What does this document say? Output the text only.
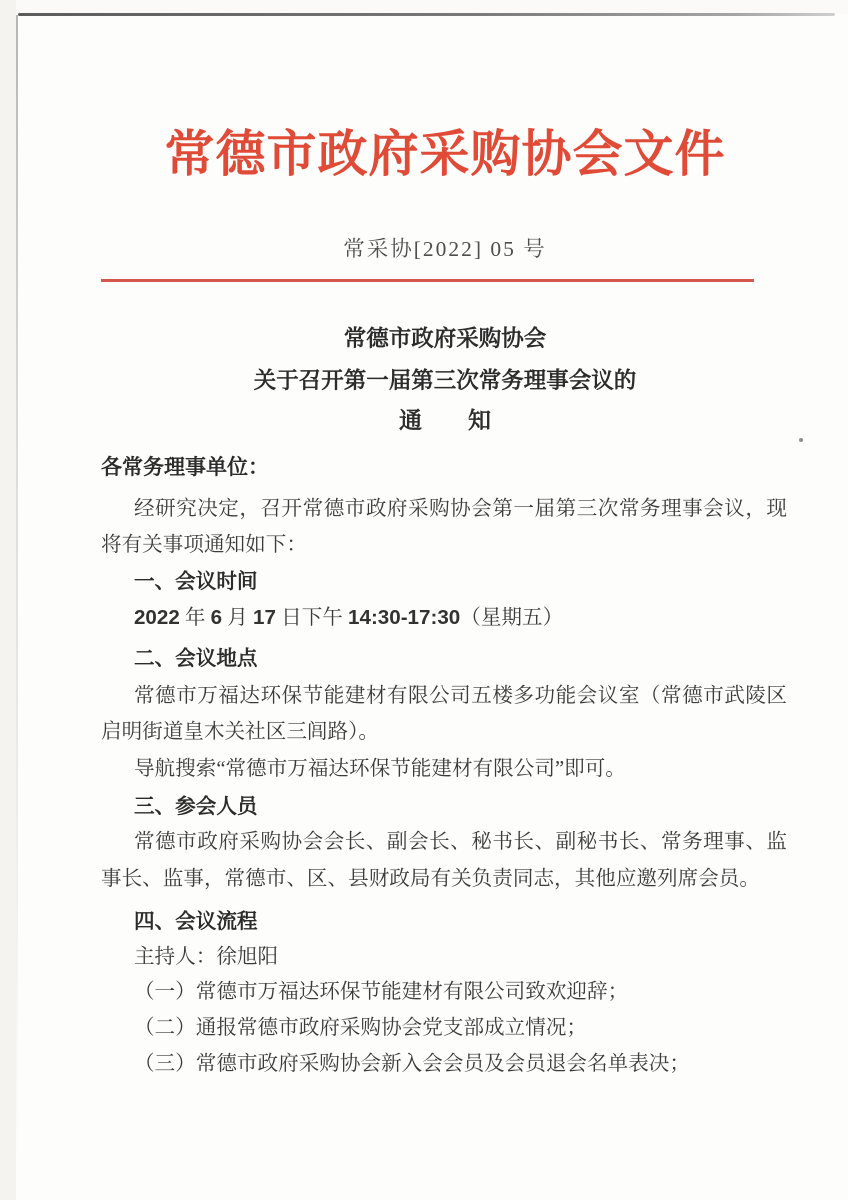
常德市政府采购协会文件
常采协[2022] 05 号
常德市政府采购协会
关于召开第一届第三次常务理事会议的
通　　知
各常务理事单位：
经研究决定，召开常德市政府采购协会第一届第三次常务理事会议，现
将有关事项通知如下：
一、会议时间
2022 年 6 月 17 日下午 14:30-17:30（星期五）
二、会议地点
常德市万福达环保节能建材有限公司五楼多功能会议室（常德市武陵区
启明街道皇木关社区三闾路）。
导航搜索“常德市万福达环保节能建材有限公司”即可。
三、参会人员
常德市政府采购协会会长、副会长、秘书长、副秘书长、常务理事、监
事长、监事，常德市、区、县财政局有关负责同志，其他应邀列席会员。
四、会议流程
主持人：徐旭阳
（一）常德市万福达环保节能建材有限公司致欢迎辞；
（二）通报常德市政府采购协会党支部成立情况；
（三）常德市政府采购协会新入会会员及会员退会名单表决；
